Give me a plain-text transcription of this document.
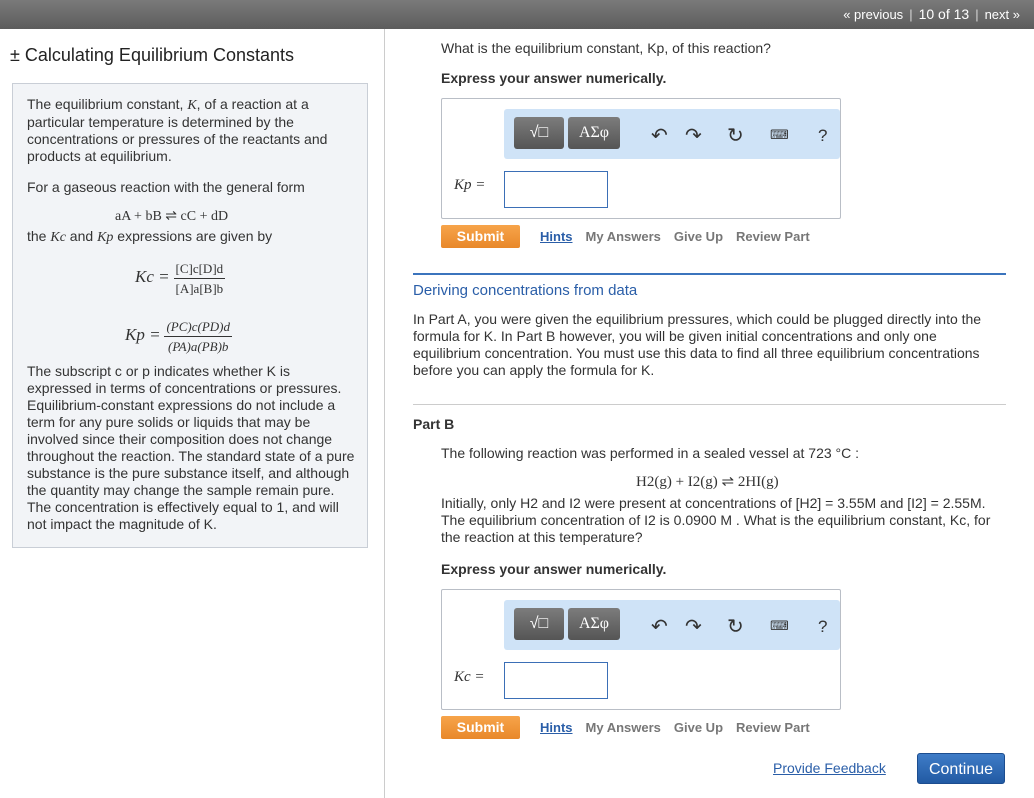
« previous | 10 of 13 | next »
± Calculating Equilibrium Constants

The equilibrium constant, K, of a reaction at a particular temperature is determined by the concentrations or pressures of the reactants and products at equilibrium.

For a gaseous reaction with the general form

aA + bB ⇌ cC + dD

the Kc and Kp expressions are given by

$Kc = \frac{[C]c[D]d}{[A]a[B]b}$

$Kp = \frac{(PC)c(PD)d}{(PA)a(PB)b}$

The subscript c or p indicates whether K is expressed in terms of concentrations or pressures. Equilibrium-constant expressions do not include a term for any pure solids or liquids that may be involved since their composition does not change throughout the reaction. The standard state of a pure substance is the pure substance itself, and although the quantity may change the sample remain pure. The concentration is effectively equal to 1, and will not impact the magnitude of K.

What is the equilibrium constant, Kp, of this reaction?

Express your answer numerically.

√□	ΑΣφ	↶ ↷ ↻ ⌨ ?
Kp =
Submit	Hints My Answers Give Up Review Part

Deriving concentrations from data

In Part A, you were given the equilibrium pressures, which could be plugged directly into the formula for K. In Part B however, you will be given initial concentrations and only one equilibrium concentration. You must use this data to find all three equilibrium concentrations before you can apply the formula for K.

Part B

The following reaction was performed in a sealed vessel at 723 °C :

H2(g) + I2(g) ⇌ 2HI(g)

Initially, only H2 and I2 were present at concentrations of [H2] = 3.55M and [I2] = 2.55M. The equilibrium concentration of I2 is 0.0900 M . What is the equilibrium constant, Kc, for the reaction at this temperature?

Express your answer numerically.

√□	ΑΣφ	↶ ↷ ↻ ⌨ ?
Kc =
Submit	Hints My Answers Give Up Review Part
Provide Feedback	Continue
